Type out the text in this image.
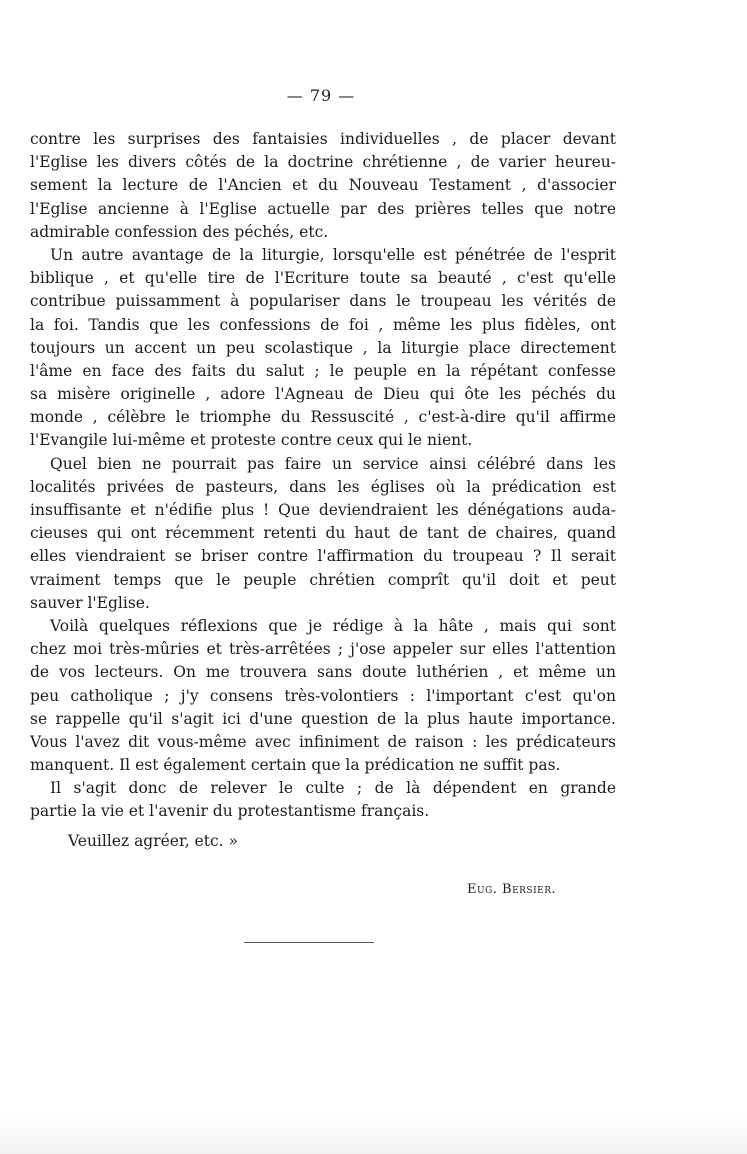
— 79 —
contre les surprises des fantaisies individuelles , de placer devant
l'Eglise les divers côtés de la doctrine chrétienne , de varier heureu-
sement la lecture de l'Ancien et du Nouveau Testament , d'associer
l'Eglise ancienne à l'Eglise actuelle par des prières telles que notre
admirable confession des péchés, etc.
Un autre avantage de la liturgie, lorsqu'elle est pénétrée de l'esprit
biblique , et qu'elle tire de l'Ecriture toute sa beauté , c'est qu'elle
contribue puissamment à populariser dans le troupeau les vérités de
la foi. Tandis que les confessions de foi , même les plus fidèles, ont
toujours un accent un peu scolastique , la liturgie place directement
l'âme en face des faits du salut ; le peuple en la répétant confesse
sa misère originelle , adore l'Agneau de Dieu qui ôte les péchés du
monde , célèbre le triomphe du Ressuscité , c'est-à-dire qu'il affirme
l'Evangile lui-même et proteste contre ceux qui le nient.
Quel bien ne pourrait pas faire un service ainsi célébré dans les
localités privées de pasteurs, dans les églises où la prédication est
insuffisante et n'édifie plus ! Que deviendraient les dénégations auda-
cieuses qui ont récemment retenti du haut de tant de chaires, quand
elles viendraient se briser contre l'affirmation du troupeau ? Il serait
vraiment temps que le peuple chrétien comprît qu'il doit et peut
sauver l'Eglise.
Voilà quelques réflexions que je rédige à la hâte , mais qui sont
chez moi très-mûries et très-arrêtées ; j'ose appeler sur elles l'attention
de vos lecteurs. On me trouvera sans doute luthérien , et même un
peu catholique ; j'y consens très-volontiers : l'important c'est qu'on
se rappelle qu'il s'agit ici d'une question de la plus haute importance.
Vous l'avez dit vous-même avec infiniment de raison : les prédicateurs
manquent. Il est également certain que la prédication ne suffit pas.
Il s'agit donc de relever le culte ; de là dépendent en grande
partie la vie et l'avenir du protestantisme français.
Veuillez agréer, etc. »
Eug. Bersier.
